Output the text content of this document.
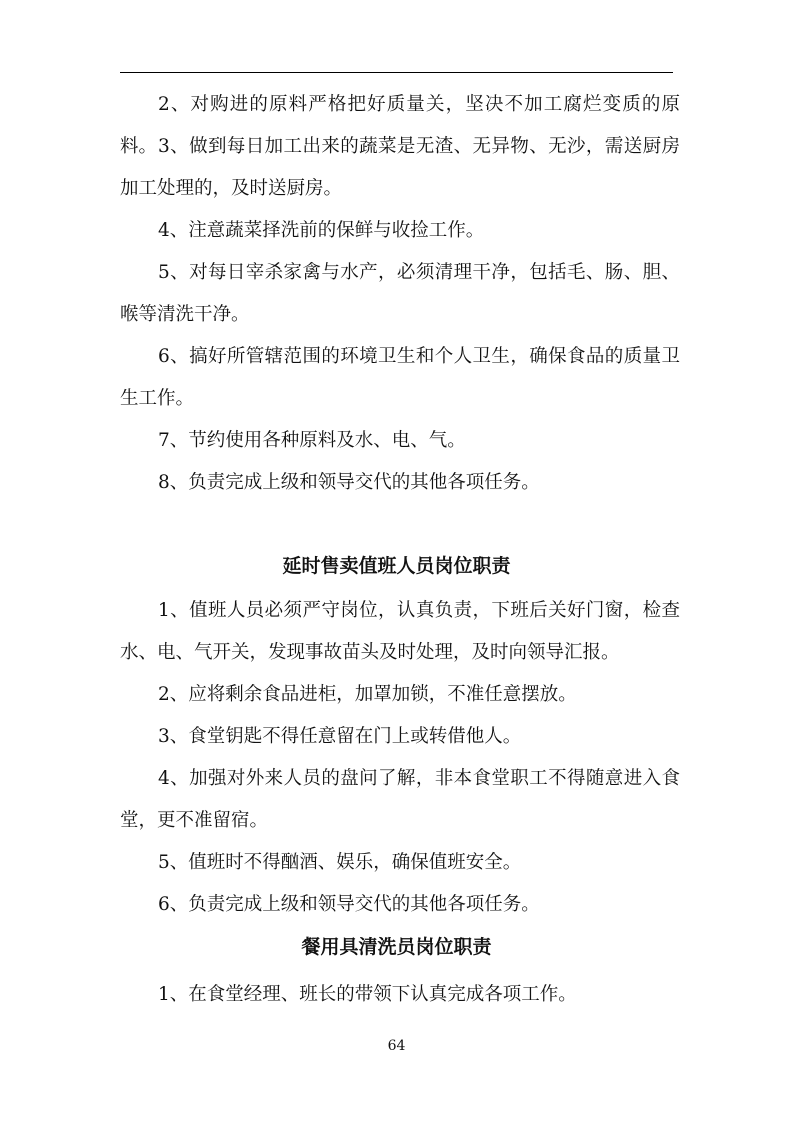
2、对购进的原料严格把好质量关，坚决不加工腐烂变质的原料。 3、做到每日加工出来的蔬菜是无渣、无异物、无沙，需送厨房加工处理的，及时送厨房。

4、注意蔬菜择洗前的保鲜与收捡工作。

5、对每日宰杀家禽与水产，必须清理干净，包括毛、肠、胆、喉等清洗干净。

6、搞好所管辖范围的环境卫生和个人卫生，确保食品的质量卫生工作。

7、节约使用各种原料及水、电、气。

8、负责完成上级和领导交代的其他各项任务。

延时售卖值班人员岗位职责

1、值班人员必须严守岗位，认真负责，下班后关好门窗，检查水、电、气开关，发现事故苗头及时处理，及时向领导汇报。

2、应将剩余食品进柜，加罩加锁，不准任意摆放。

3、食堂钥匙不得任意留在门上或转借他人。

4、加强对外来人员的盘问了解，非本食堂职工不得随意进入食堂，更不准留宿。

5、值班时不得酗酒、娱乐，确保值班安全。

6、负责完成上级和领导交代的其他各项任务。

餐用具清洗员岗位职责

1、在食堂经理、班长的带领下认真完成各项工作。

64
